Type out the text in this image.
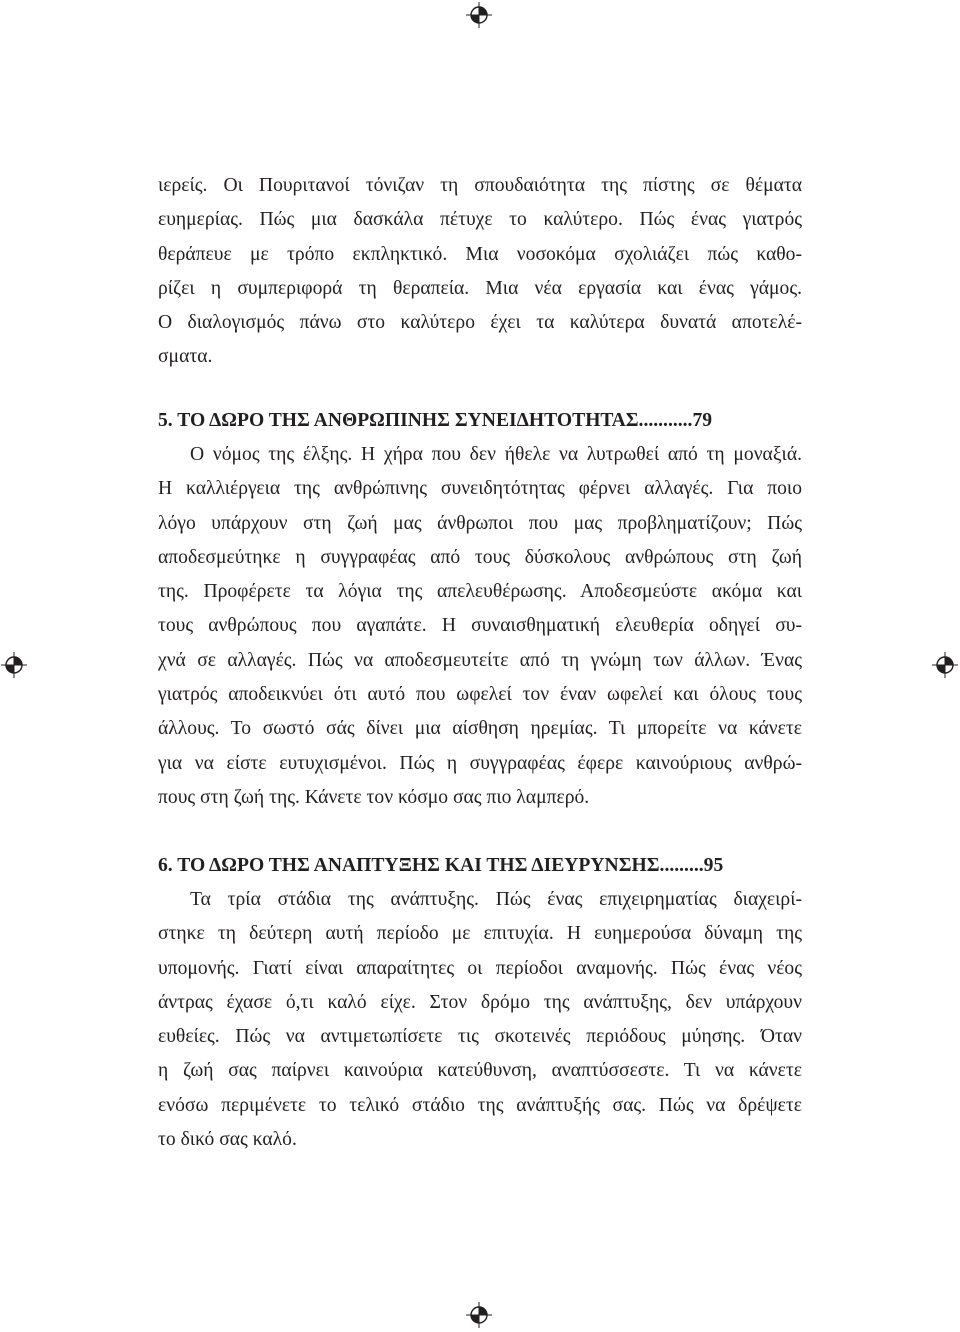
ιερείς. Οι Πουριτανοί τόνιζαν τη σπουδαιότητα της πίστης σε θέματα
ευημερίας. Πώς μια δασκάλα πέτυχε το καλύτερο. Πώς ένας γιατρός
θεράπευε με τρόπο εκπληκτικό. Μια νοσοκόμα σχολιάζει πώς καθο-
ρίζει η συμπεριφορά τη θεραπεία. Μια νέα εργασία και ένας γάμος.
Ο διαλογισμός πάνω στο καλύτερο έχει τα καλύτερα δυνατά αποτελέ-
σματα.
5. ΤΟ ΔΩΡΟ ΤΗΣ ΑΝΘΡΩΠΙΝΗΣ ΣΥΝΕΙΔΗΤΟΤΗΤΑΣ...........79
Ο νόμος της έλξης. Η χήρα που δεν ήθελε να λυτρωθεί από τη μοναξιά.
Η καλλιέργεια της ανθρώπινης συνειδητότητας φέρνει αλλαγές. Για ποιο
λόγο υπάρχουν στη ζωή μας άνθρωποι που μας προβληματίζουν; Πώς
αποδεσμεύτηκε η συγγραφέας από τους δύσκολους ανθρώπους στη ζωή
της. Προφέρετε τα λόγια της απελευθέρωσης. Αποδεσμεύστε ακόμα και
τους ανθρώπους που αγαπάτε. Η συναισθηματική ελευθερία οδηγεί συ-
χνά σε αλλαγές. Πώς να αποδεσμευτείτε από τη γνώμη των άλλων. Ένας
γιατρός αποδεικνύει ότι αυτό που ωφελεί τον έναν ωφελεί και όλους τους
άλλους. Το σωστό σάς δίνει μια αίσθηση ηρεμίας. Τι μπορείτε να κάνετε
για να είστε ευτυχισμένοι. Πώς η συγγραφέας έφερε καινούριους ανθρώ-
πους στη ζωή της. Κάνετε τον κόσμο σας πιο λαμπερό.
6. ΤΟ ΔΩΡΟ ΤΗΣ ΑΝΑΠΤΥΞΗΣ ΚΑΙ ΤΗΣ ΔΙΕΥΡΥΝΣΗΣ.........95
Τα τρία στάδια της ανάπτυξης. Πώς ένας επιχειρηματίας διαχειρί-
στηκε τη δεύτερη αυτή περίοδο με επιτυχία. Η ευημερούσα δύναμη της
υπομονής. Γιατί είναι απαραίτητες οι περίοδοι αναμονής. Πώς ένας νέος
άντρας έχασε ό,τι καλό είχε. Στον δρόμο της ανάπτυξης, δεν υπάρχουν
ευθείες. Πώς να αντιμετωπίσετε τις σκοτεινές περιόδους μύησης. Όταν
η ζωή σας παίρνει καινούρια κατεύθυνση, αναπτύσσεστε. Τι να κάνετε
ενόσω περιμένετε το τελικό στάδιο της ανάπτυξής σας. Πώς να δρέψετε
το δικό σας καλό.
